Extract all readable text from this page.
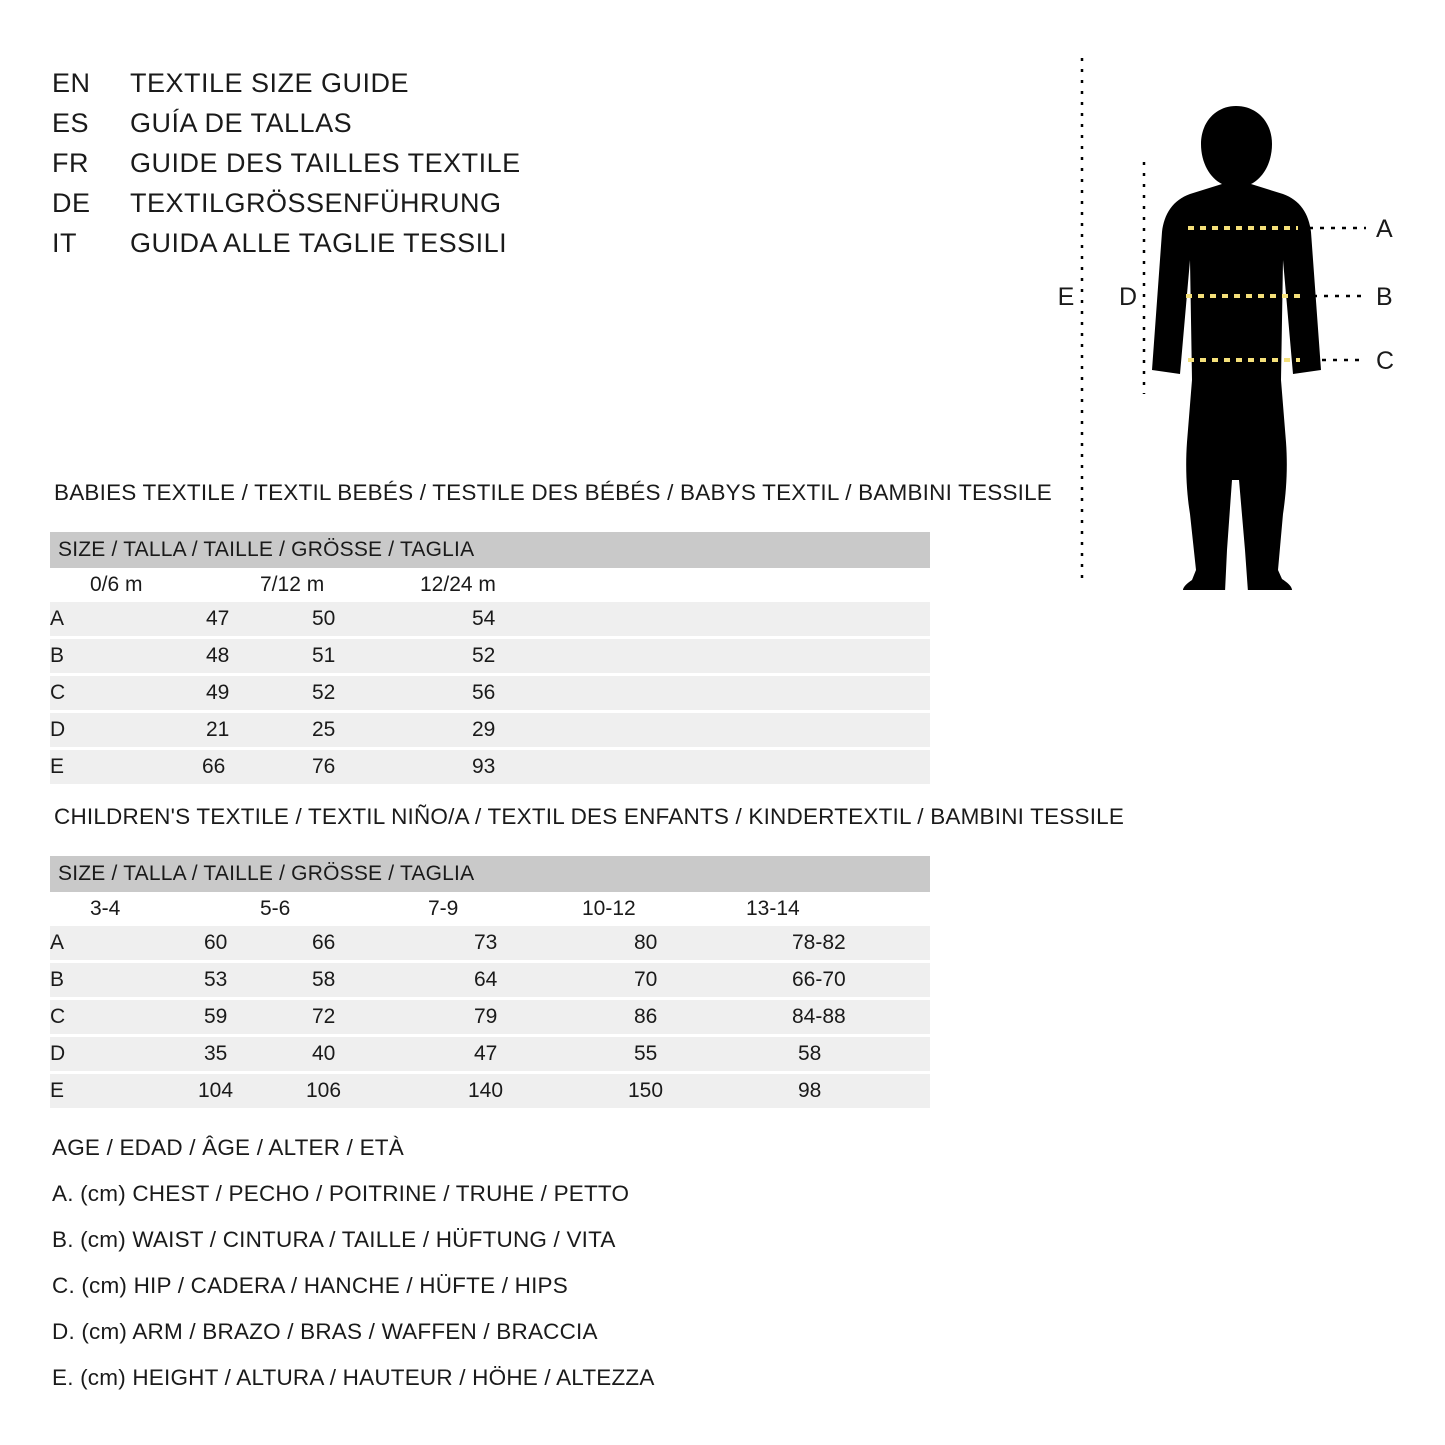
EN	TEXTILE SIZE GUIDE
ES	GUÍA DE TALLAS
FR	GUIDE DES TAILLES TEXTILE
DE	TEXTILGRÖSSENFÜHRUNG
IT	GUIDA ALLE TAGLIE TESSILI	A
B
C
D
E
BABIES TEXTILE / TEXTIL BEBÉS / TESTILE DES BÉBÉS / BABYS TEXTIL / BAMBINI TESSILE
SIZE / TALLA / TAILLE / GRÖSSE / TAGLIA			
	0/6 m	7/12 m	12/24 m
A	47	50	54

B	48	51	52

C	49	52	56

D	21	25	29

E	66	76	93
CHILDREN'S TEXTILE / TEXTIL NIÑO/A / TEXTIL DES ENFANTS / KINDERTEXTIL / BAMBINI TESSILE
SIZE / TALLA / TAILLE / GRÖSSE / TAGLIA					
	3-4	5-6	7-9	10-12	13-14
A	60	66	73	80	78-82

B	53	58	64	70	66-70

C	59	72	79	86	84-88

D	35	40	47	55	58

E	104	106	140	150	98
AGE / EDAD / ÂGE / ALTER / ETÀ
A. (cm) CHEST / PECHO / POITRINE / TRUHE / PETTO
B. (cm) WAIST / CINTURA / TAILLE / HÜFTUNG / VITA
C. (cm) HIP / CADERA / HANCHE / HÜFTE / HIPS
D. (cm) ARM / BRAZO / BRAS / WAFFEN / BRACCIA
E. (cm) HEIGHT / ALTURA / HAUTEUR / HÖHE / ALTEZZA
